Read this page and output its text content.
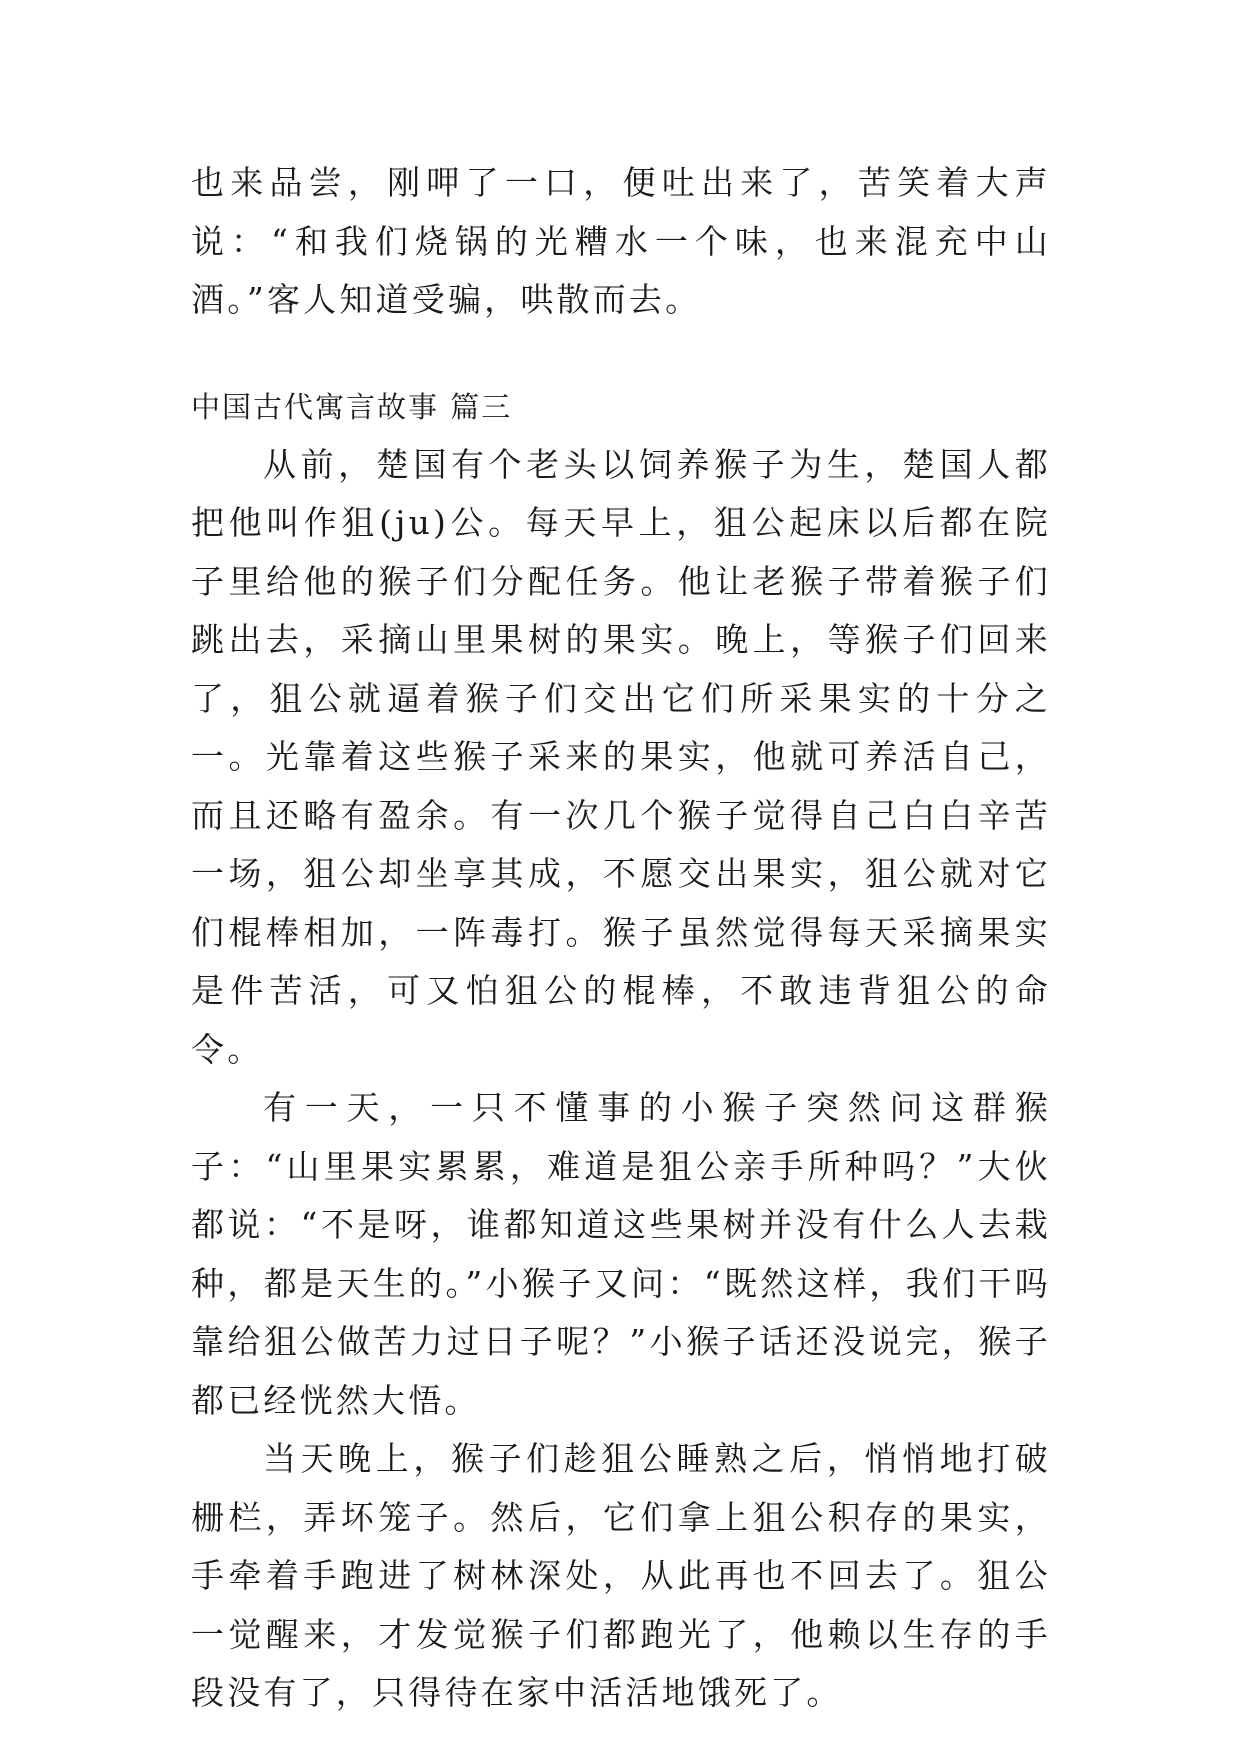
也来品尝，刚呷了一口，便吐出来了，苦笑着大声说：“和我们烧锅的光糟水一个味，也来混充中山酒。”客人知道受骗，哄散而去。

中国古代寓言故事 篇三

从前，楚国有个老头以饲养猴子为生，楚国人都把他叫作狙(ju)公。每天早上，狙公起床以后都在院子里给他的猴子们分配任务。他让老猴子带着猴子们跳出去，采摘山里果树的果实。晚上，等猴子们回来了，狙公就逼着猴子们交出它们所采果实的十分之一。光靠着这些猴子采来的果实，他就可养活自己，而且还略有盈余。有一次几个猴子觉得自己白白辛苦一场，狙公却坐享其成，不愿交出果实，狙公就对它们棍棒相加，一阵毒打。猴子虽然觉得每天采摘果实是件苦活，可又怕狙公的棍棒，不敢违背狙公的命令。

有一天，一只不懂事的小猴子突然问这群猴子：“山里果实累累，难道是狙公亲手所种吗？”大伙都说：“不是呀，谁都知道这些果树并没有什么人去栽种，都是天生的。”小猴子又问：“既然这样，我们干吗靠给狙公做苦力过日子呢？”小猴子话还没说完，猴子都已经恍然大悟。

当天晚上，猴子们趁狙公睡熟之后，悄悄地打破栅栏，弄坏笼子。然后，它们拿上狙公积存的果实，手牵着手跑进了树林深处，从此再也不回去了。狙公一觉醒来，才发觉猴子们都跑光了，他赖以生存的手段没有了，只得待在家中活活地饿死了。
